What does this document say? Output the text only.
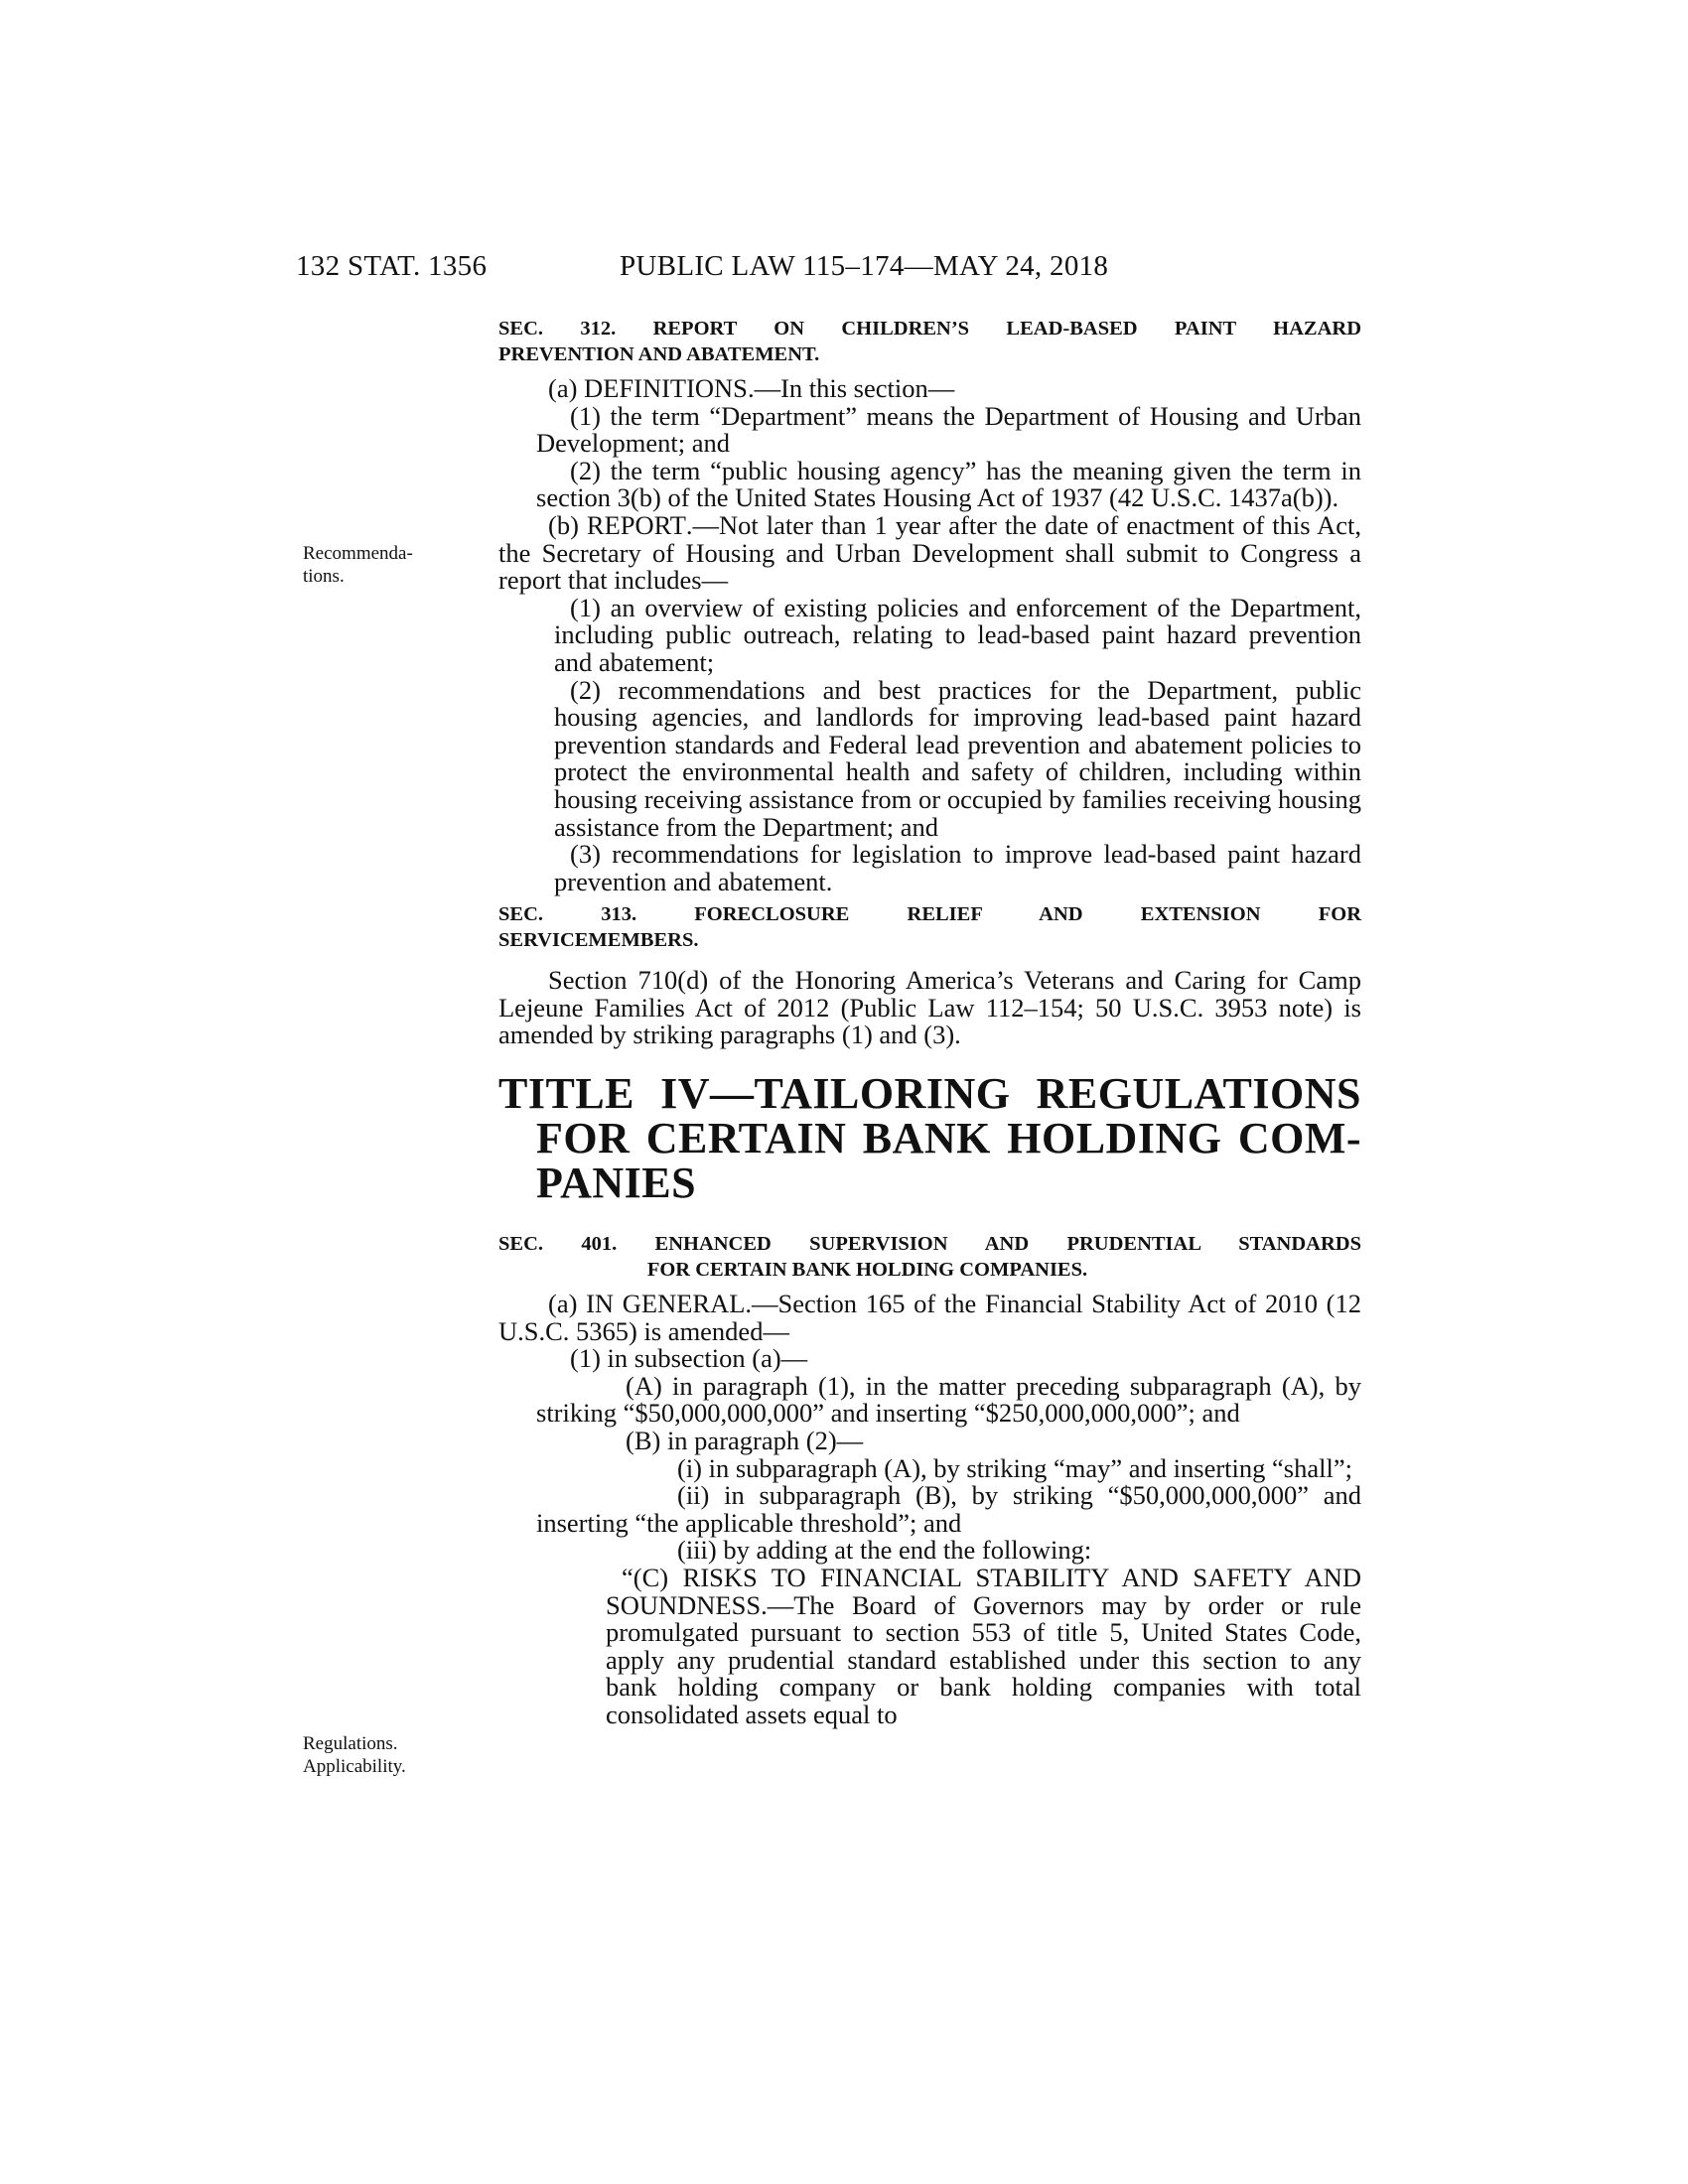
132 STAT. 1356	PUBLIC LAW 115–174—MAY 24, 2018
Recommenda-
tions.
Regulations.
Applicability.
SEC. 312. REPORT ON CHILDREN’S LEAD-BASED PAINT HAZARD
PREVENTION AND ABATEMENT.

(a) DEFINITIONS.—In this section—

(1) the term “Department” means the Department of Housing and Urban Development; and

(2) the term “public housing agency” has the meaning given the term in section 3(b) of the United States Housing Act of 1937 (42 U.S.C. 1437a(b)).

(b) REPORT.—Not later than 1 year after the date of enactment of this Act, the Secretary of Housing and Urban Development shall submit to Congress a report that includes—

(1) an overview of existing policies and enforcement of the Department, including public outreach, relating to lead-based paint hazard prevention and abatement;

(2) recommendations and best practices for the Department, public housing agencies, and landlords for improving lead-based paint hazard prevention standards and Federal lead prevention and abatement policies to protect the environmental health and safety of children, including within housing receiving assistance from or occupied by families receiving housing assistance from the Department; and

(3) recommendations for legislation to improve lead-based paint hazard prevention and abatement.

SEC. 313. FORECLOSURE RELIEF AND EXTENSION FOR
SERVICEMEMBERS.

Section 710(d) of the Honoring America’s Veterans and Caring for Camp Lejeune Families Act of 2012 (Public Law 112–154; 50 U.S.C. 3953 note) is amended by striking paragraphs (1) and (3).

TITLE IV—TAILORING REGULATIONS FOR CERTAIN BANK HOLDING COM- PANIES
SEC. 401. ENHANCED SUPERVISION AND PRUDENTIAL STANDARDS
FOR CERTAIN BANK HOLDING COMPANIES.

(a) IN GENERAL.—Section 165 of the Financial Stability Act of 2010 (12 U.S.C. 5365) is amended—

(1) in subsection (a)—

(A) in paragraph (1), in the matter preceding subparagraph (A), by striking “$50,000,000,000” and inserting “$250,000,000,000”; and

(B) in paragraph (2)—

(i) in subparagraph (A), by striking “may” and inserting “shall”;

(ii) in subparagraph (B), by striking “$50,000,000,000” and inserting “the applicable threshold”; and

(iii) by adding at the end the following:

“(C) RISKS TO FINANCIAL STABILITY AND SAFETY AND SOUNDNESS.—The Board of Governors may by order or rule promulgated pursuant to section 553 of title 5, United States Code, apply any prudential standard established under this section to any bank holding company or bank holding companies with total consolidated assets equal to
